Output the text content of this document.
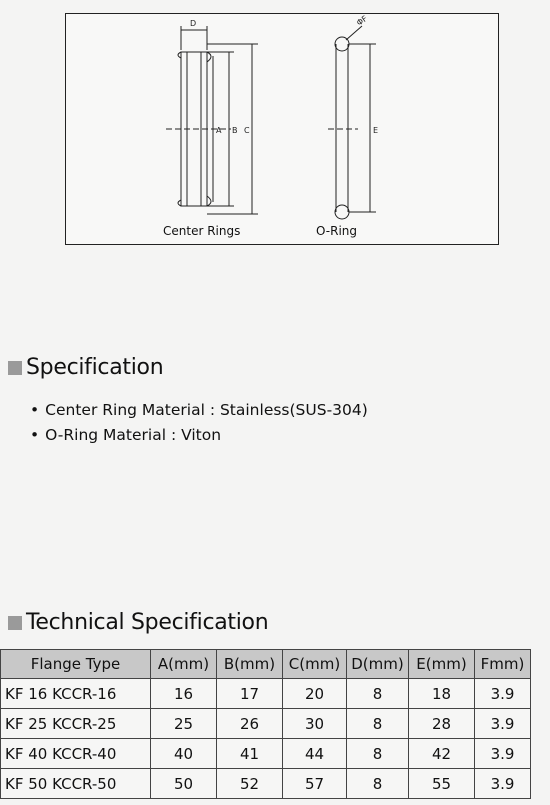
D
A B C	E
ΦF
Center Rings	O-Ring
Specification
• Center Ring Material : Stainless(SUS-304)
• O-Ring Material : Viton
Technical Specification
Flange Type	A(mm)	B(mm)	C(mm)	D(mm)	E(mm)	Fmm)
KF 16 KCCR-16	16	17	20	8	18	3.9
KF 25 KCCR-25	25	26	30	8	28	3.9
KF 40 KCCR-40	40	41	44	8	42	3.9
KF 50 KCCR-50	50	52	57	8	55	3.9
